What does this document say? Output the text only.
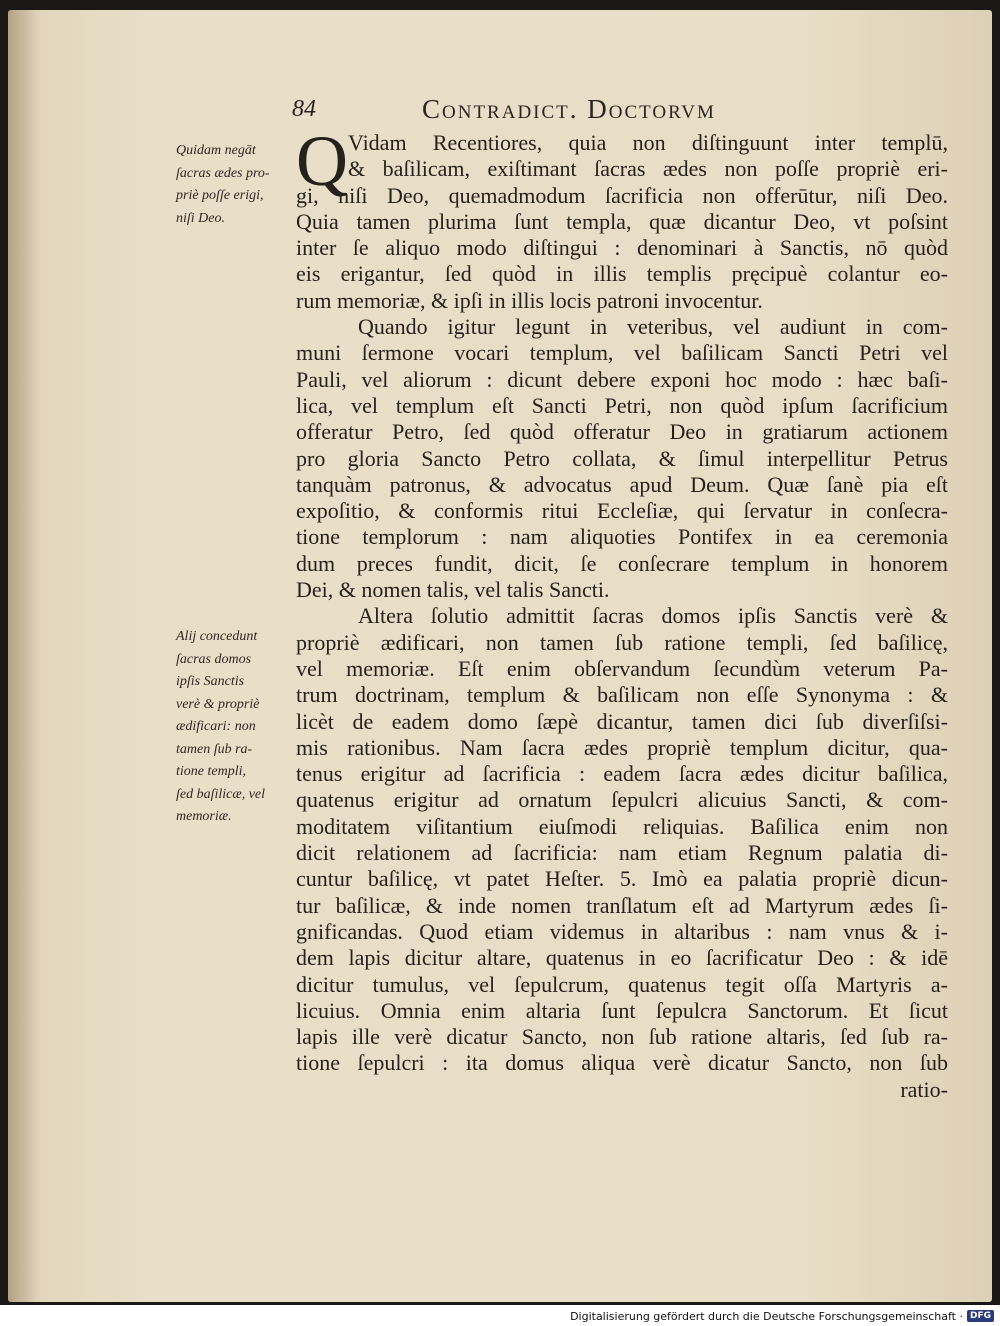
84	Contradict. Doctorvm
Quidam negāt
ſacras ædes pro-
priè poſſe erigi,
niſi Deo.
Alij concedunt
ſacras domos
ipſis Sanctis
verè & propriè
ædificari: non
tamen ſub ra-
tione templi,
ſed baſilicæ, vel
memoriæ.
Q Vidam Recentiores, quia non diſtinguunt inter templū,
& baſilicam, exiſtimant ſacras ædes non poſſe propriè eri-
gi, niſi Deo, quemadmodum ſacrificia non offerūtur, niſi Deo.
Quia tamen plurima ſunt templa, quæ dicantur Deo, vt poſsint
inter ſe aliquo modo diſtingui : denominari à Sanctis, nō quòd
eis erigantur, ſed quòd in illis templis pręcipuè colantur eo-
rum memoriæ, & ipſi in illis locis patroni invocentur.
Quando igitur legunt in veteribus, vel audiunt in com-
muni ſermone vocari templum, vel baſilicam Sancti Petri vel
Pauli, vel aliorum : dicunt debere exponi hoc modo : hæc baſi-
lica, vel templum eſt Sancti Petri, non quòd ipſum ſacrificium
offeratur Petro, ſed quòd offeratur Deo in gratiarum actionem
pro gloria Sancto Petro collata, & ſimul interpellitur Petrus
tanquàm patronus, & advocatus apud Deum. Quæ ſanè pia eſt
expoſitio, & conformis ritui Eccleſiæ, qui ſervatur in conſecra-
tione templorum : nam aliquoties Pontifex in ea ceremonia
dum preces fundit, dicit, ſe conſecrare templum in honorem
Dei, & nomen talis, vel talis Sancti.
Altera ſolutio admittit ſacras domos ipſis Sanctis verè &
propriè ædificari, non tamen ſub ratione templi, ſed baſilicę,
vel memoriæ. Eſt enim obſervandum ſecundùm veterum Pa-
trum doctrinam, templum & baſilicam non eſſe Synonyma : &
licèt de eadem domo ſæpè dicantur, tamen dici ſub diverſiſsi-
mis rationibus. Nam ſacra ædes propriè templum dicitur, qua-
tenus erigitur ad ſacrificia : eadem ſacra ædes dicitur baſilica,
quatenus erigitur ad ornatum ſepulcri alicuius Sancti, & com-
moditatem viſitantium eiuſmodi reliquias. Baſilica enim non
dicit relationem ad ſacrificia: nam etiam Regnum palatia di-
cuntur baſilicę, vt patet Heſter. 5. Imò ea palatia propriè dicun-
tur baſilicæ, & inde nomen tranſlatum eſt ad Martyrum ædes ſi-
gnificandas. Quod etiam videmus in altaribus : nam vnus & i-
dem lapis dicitur altare, quatenus in eo ſacrificatur Deo : & idē
dicitur tumulus, vel ſepulcrum, quatenus tegit oſſa Martyris a-
licuius. Omnia enim altaria ſunt ſepulcra Sanctorum. Et ſicut
lapis ille verè dicatur Sancto, non ſub ratione altaris, ſed ſub ra-
tione ſepulcri : ita domus aliqua verè dicatur Sancto, non ſub
ratio-
Digitalisierung gefördert durch die Deutsche Forschungsgemeinschaft · DFG
